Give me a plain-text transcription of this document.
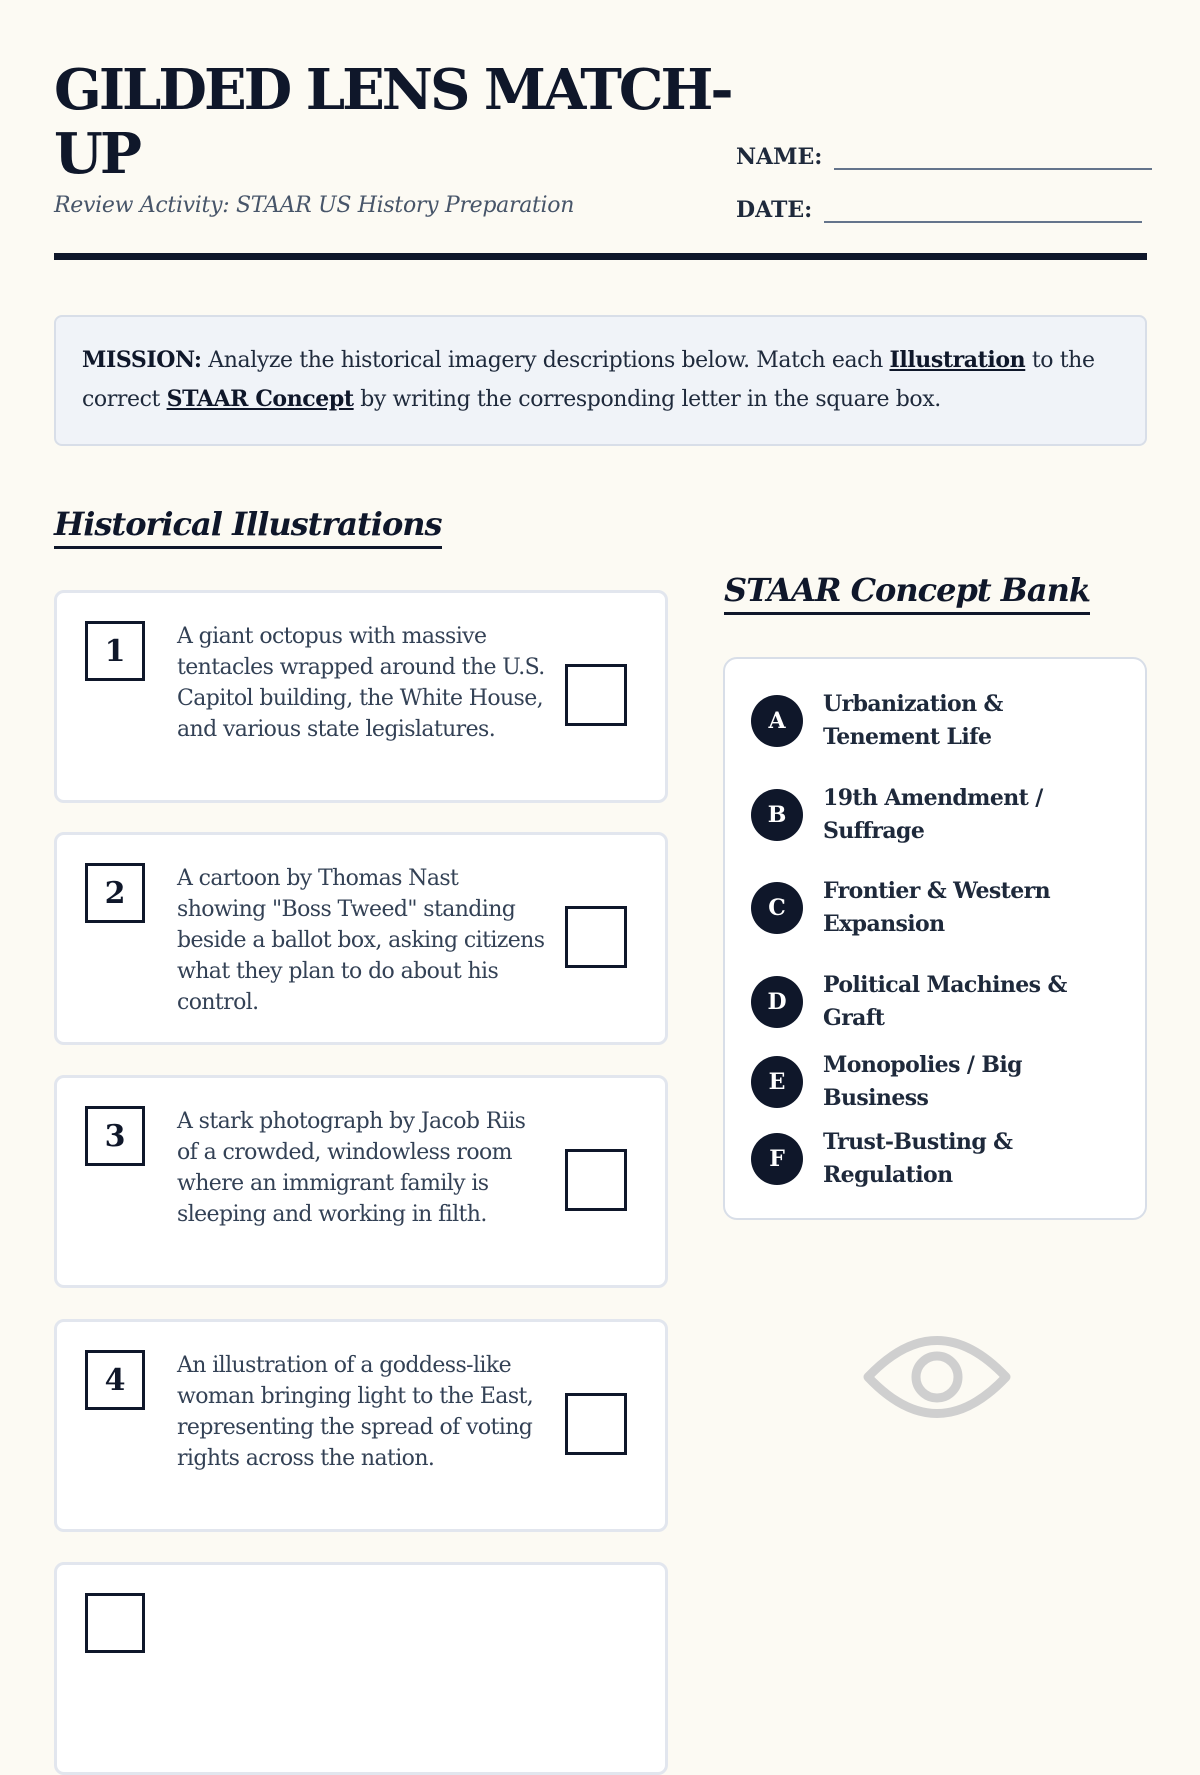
GILDED LENS MATCH-UP
Review Activity: STAAR US History Preparation
NAME:
DATE:
MISSION: Analyze the historical imagery descriptions below. Match each Illustration to the correct STAAR Concept by writing the corresponding letter in the square box.
Historical Illustrations
1	A giant octopus with massive tentacles wrapped around the U.S. Capitol building, the White House, and various state legislatures.
2	A cartoon by Thomas Nast showing "Boss Tweed" standing beside a ballot box, asking citizens what they plan to do about his control.
3	A stark photograph by Jacob Riis of a crowded, windowless room where an immigrant family is sleeping and working in filth.
4	An illustration of a goddess-like woman bringing light to the East, representing the spread of voting rights across the nation.
STAAR Concept Bank
A
Urbanization & Tenement Life
B
19th Amendment / Suffrage
C
Frontier & Western Expansion
D
Political Machines & Graft
E
Monopolies / Big Business
F
Trust-Busting & Regulation
